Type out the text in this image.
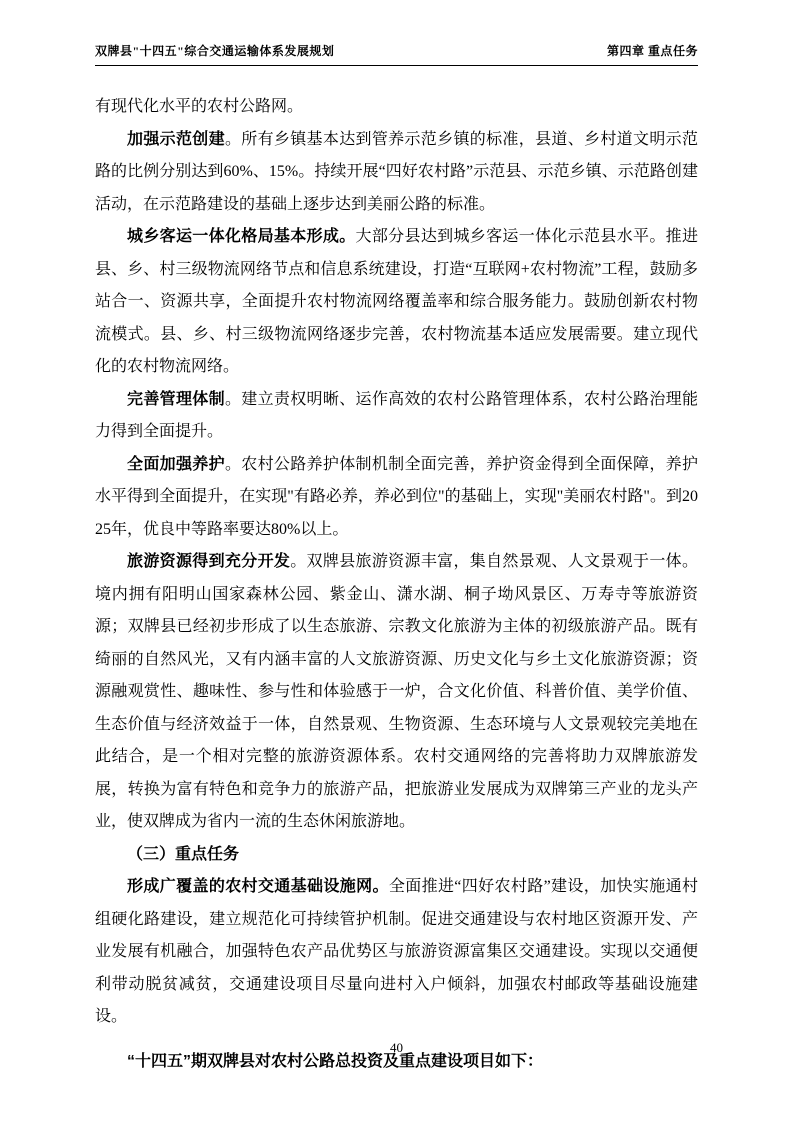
双牌县"十四五"综合交通运输体系发展规划	第四章 重点任务

有现代化水平的农村公路网。

加强示范创建。所有乡镇基本达到管养示范乡镇的标准，县道、乡村道文明示范路的比例分别达到60%、15%。持续开展“四好农村路”示范县、示范乡镇、示范路创建活动，在示范路建设的基础上逐步达到美丽公路的标准。

城乡客运一体化格局基本形成。大部分县达到城乡客运一体化示范县水平。推进县、乡、村三级物流网络节点和信息系统建设，打造“互联网+农村物流”工程，鼓励多站合一、资源共享，全面提升农村物流网络覆盖率和综合服务能力。鼓励创新农村物流模式。县、乡、村三级物流网络逐步完善，农村物流基本适应发展需要。建立现代化的农村物流网络。

完善管理体制。建立责权明晰、运作高效的农村公路管理体系，农村公路治理能力得到全面提升。

全面加强养护。农村公路养护体制机制全面完善，养护资金得到全面保障，养护水平得到全面提升，在实现"有路必养，养必到位"的基础上，实现"美丽农村路"。到2025年，优良中等路率要达80%以上。

旅游资源得到充分开发。双牌县旅游资源丰富，集自然景观、人文景观于一体。境内拥有阳明山国家森林公园、紫金山、潇水湖、桐子坳风景区、万寿寺等旅游资源；双牌县已经初步形成了以生态旅游、宗教文化旅游为主体的初级旅游产品。既有绮丽的自然风光，又有内涵丰富的人文旅游资源、历史文化与乡土文化旅游资源；资源融观赏性、趣味性、参与性和体验感于一炉，合文化价值、科普价值、美学价值、生态价值与经济效益于一体，自然景观、生物资源、生态环境与人文景观较完美地在此结合，是一个相对完整的旅游资源体系。农村交通网络的完善将助力双牌旅游发展，转换为富有特色和竞争力的旅游产品，把旅游业发展成为双牌第三产业的龙头产业，使双牌成为省内一流的生态休闲旅游地。

（三）重点任务

形成广覆盖的农村交通基础设施网。全面推进“四好农村路”建设，加快实施通村组硬化路建设，建立规范化可持续管护机制。促进交通建设与农村地区资源开发、产业发展有机融合，加强特色农产品优势区与旅游资源富集区交通建设。实现以交通便利带动脱贫减贫，交通建设项目尽量向进村入户倾斜，加强农村邮政等基础设施建设。

“十四五”期双牌县对农村公路总投资及重点建设项目如下：

40
